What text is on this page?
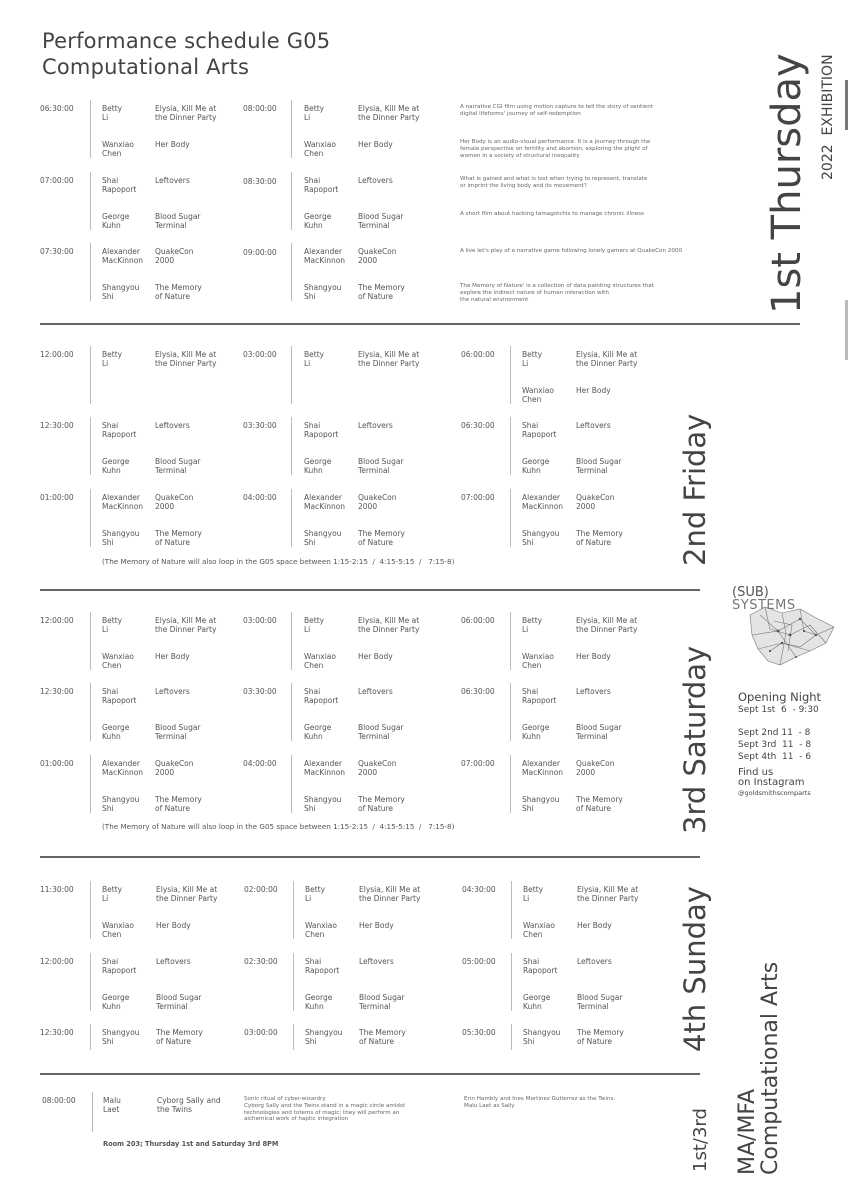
Performance schedule G05
Computational Arts
06:30:00
07:00:00
07:30:00
Betty
Li
Elysia, Kill Me at
the Dinner Party
Wanxiao
Chen
Her Body
Shai
Rapoport
Leftovers
George
Kuhn
Blood Sugar
Terminal
Alexander
MacKinnon
QuakeCon
2000
Shangyou
Shi
The Memory
of Nature
08:00:00
08:30:00
09:00:00
Betty
Li
Elysia, Kill Me at
the Dinner Party
Wanxiao
Chen
Her Body
Shai
Rapoport
Leftovers
George
Kuhn
Blood Sugar
Terminal
Alexander
MacKinnon
QuakeCon
2000
Shangyou
Shi
The Memory
of Nature
A narrative CGI film using motion capture to tell the story of sentient
digital lifeforms' journey of self-redemption
Her Body is an audio-visual performance. It is a journey through the
female perspective on fertility and abortion, exploring the plight of
women in a society of structural inequality
What is gained and what is lost when trying to represent, translate
or imprint the living body and its movement?
A short film about hacking tamagotchis to manage chronic illness
A live let's play of a narrative game following lonely gamers at QuakeCon 2000
The Memory of Nature' is a collection of data painting structures that
explore the indirect nature of human interaction with
the natural environment
12:00:00
12:30:00
01:00:00
Betty
Li
Elysia, Kill Me at
the Dinner Party
Shai
Rapoport
Leftovers
George
Kuhn
Blood Sugar
Terminal
Alexander
MacKinnon
QuakeCon
2000
Shangyou
Shi
The Memory
of Nature
03:00:00
03:30:00
04:00:00
Betty
Li
Elysia, Kill Me at
the Dinner Party
Shai
Rapoport
Leftovers
George
Kuhn
Blood Sugar
Terminal
Alexander
MacKinnon
QuakeCon
2000
Shangyou
Shi
The Memory
of Nature
06:00:00
06:30:00
07:00:00
Betty
Li
Elysia, Kill Me at
the Dinner Party
Wanxiao
Chen
Her Body
Shai
Rapoport
Leftovers
George
Kuhn
Blood Sugar
Terminal
Alexander
MacKinnon
QuakeCon
2000
Shangyou
Shi
The Memory
of Nature
(The Memory of Nature will also loop in the G05 space between 1:15-2:15  /  4:15-5:15  /   7:15-8)
12:00:00
12:30:00
01:00:00
Betty
Li
Elysia, Kill Me at
the Dinner Party
Wanxiao
Chen
Her Body
Shai
Rapoport
Leftovers
George
Kuhn
Blood Sugar
Terminal
Alexander
MacKinnon
QuakeCon
2000
Shangyou
Shi
The Memory
of Nature
03:00:00
03:30:00
04:00:00
Betty
Li
Elysia, Kill Me at
the Dinner Party
Wanxiao
Chen
Her Body
Shai
Rapoport
Leftovers
George
Kuhn
Blood Sugar
Terminal
Alexander
MacKinnon
QuakeCon
2000
Shangyou
Shi
The Memory
of Nature
06:00:00
06:30:00
07:00:00
Betty
Li
Elysia, Kill Me at
the Dinner Party
Wanxiao
Chen
Her Body
Shai
Rapoport
Leftovers
George
Kuhn
Blood Sugar
Terminal
Alexander
MacKinnon
QuakeCon
2000
Shangyou
Shi
The Memory
of Nature
(The Memory of Nature will also loop in the G05 space between 1:15-2:15  /  4:15-5:15  /   7:15-8)
11:30:00
12:00:00
12:30:00
Betty
Li
Elysia, Kill Me at
the Dinner Party
Wanxiao
Chen
Her Body
Shai
Rapoport
Leftovers
George
Kuhn
Blood Sugar
Terminal
Shangyou
Shi
The Memory
of Nature
02:00:00
02:30:00
03:00:00
Betty
Li
Elysia, Kill Me at
the Dinner Party
Wanxiao
Chen
Her Body
Shai
Rapoport
Leftovers
George
Kuhn
Blood Sugar
Terminal
Shangyou
Shi
The Memory
of Nature
04:30:00
05:00:00
05:30:00
Betty
Li
Elysia, Kill Me at
the Dinner Party
Wanxiao
Chen
Her Body
Shai
Rapoport
Leftovers
George
Kuhn
Blood Sugar
Terminal
Shangyou
Shi
The Memory
of Nature
08:00:00	Malu
Laet
Cyborg Sally and
the Twins
Sonic ritual of cyber-wizardry
Cyborg Sally and the Twins stand in a magic circle amidst
technologies and totems of magic; they will perform an
alchemical work of haptic integration
Erin Hambly and Ines Martinez Gutierrez as the Twins.
Malu Laet as Sally
Room 203; Thursday 1st and Saturday 3rd 8PM
1st Thursday
2nd Friday
3rd Saturday
4th Sunday
1st/3rd
2022  EXHIBITION
(SUB)
SYSTEMS
Opening Night
Sept 1st  6  - 9:30
Sept 2nd 11  - 8
Sept 3rd  11  - 8
Sept 4th  11  - 6
Find us
on Instagram
@goldsmithscomparts
MA/MFA
Computational Arts
